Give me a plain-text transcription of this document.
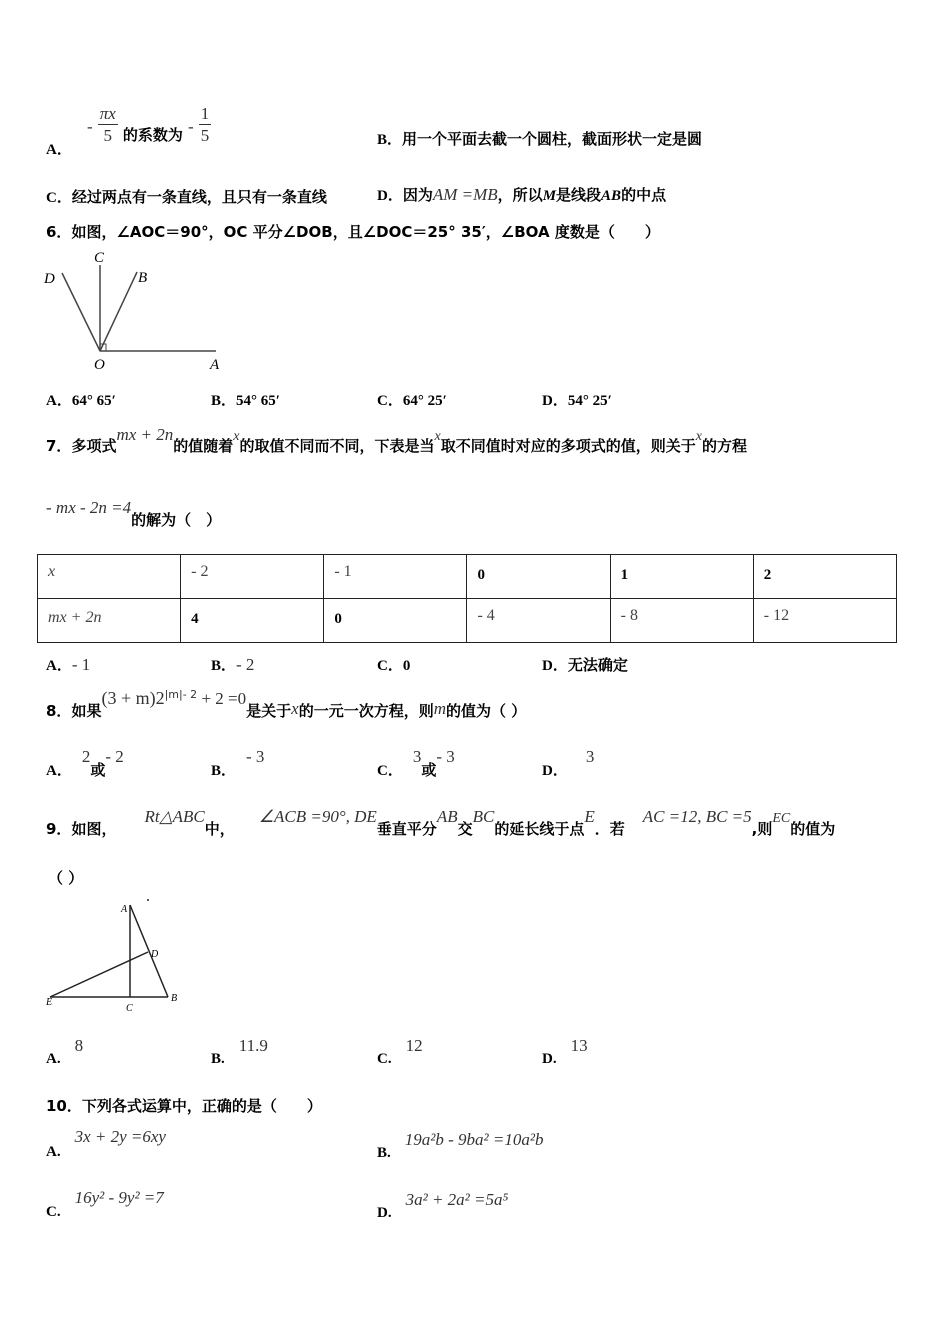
A． - $\frac{\pi x}{5}$ 的系数为 - $\frac{1}{5}$	B．用一个平面去截一个圆柱，截面形状一定是圆
C．经过两点有一条直线，且只有一条直线	D．因为AM =MB，所以M是线段AB的中点
6．如图，∠AOC＝90°，OC 平分∠DOB，且∠DOC＝25° 35′，∠BOA 度数是（　　）
C
D	B
O	A
A．64° 65′	B．54° 65′	C．64° 25′	D．54° 25′
7．多项式mx + 2n的值随着x的取值不同而不同，下表是当x取不同值时对应的多项式的值，则关于x的方程
- mx - 2n =4的解为（　）
x	- 2	- 1	0	1	2
mx + 2n	4	0	- 4	- 8	- 12
A．- 1	B．- 2	C．0	D．无法确定
8．如果$(3 + m)2^{|m|- 2} + 2 =0$是关于x的一元一次方程，则m的值为（ ）
A．2或- 2
B．- 3
C．3或- 3
D．3
9．如图，Rt△ABC中，∠ACB =90°, DE垂直平分AB交BC的延长线于点E．若AC =12, BC =5,则EC的值为
（ ）
A
D
E
C
B
A.8
B.11.9
C.12
D.13
10．下列各式运算中，正确的是（　　）
A.3x + 2y =6xy
B.19a²b - 9ba² =10a²b
C.16y² - 9y² =7
D.3a² + 2a² =5a⁵
